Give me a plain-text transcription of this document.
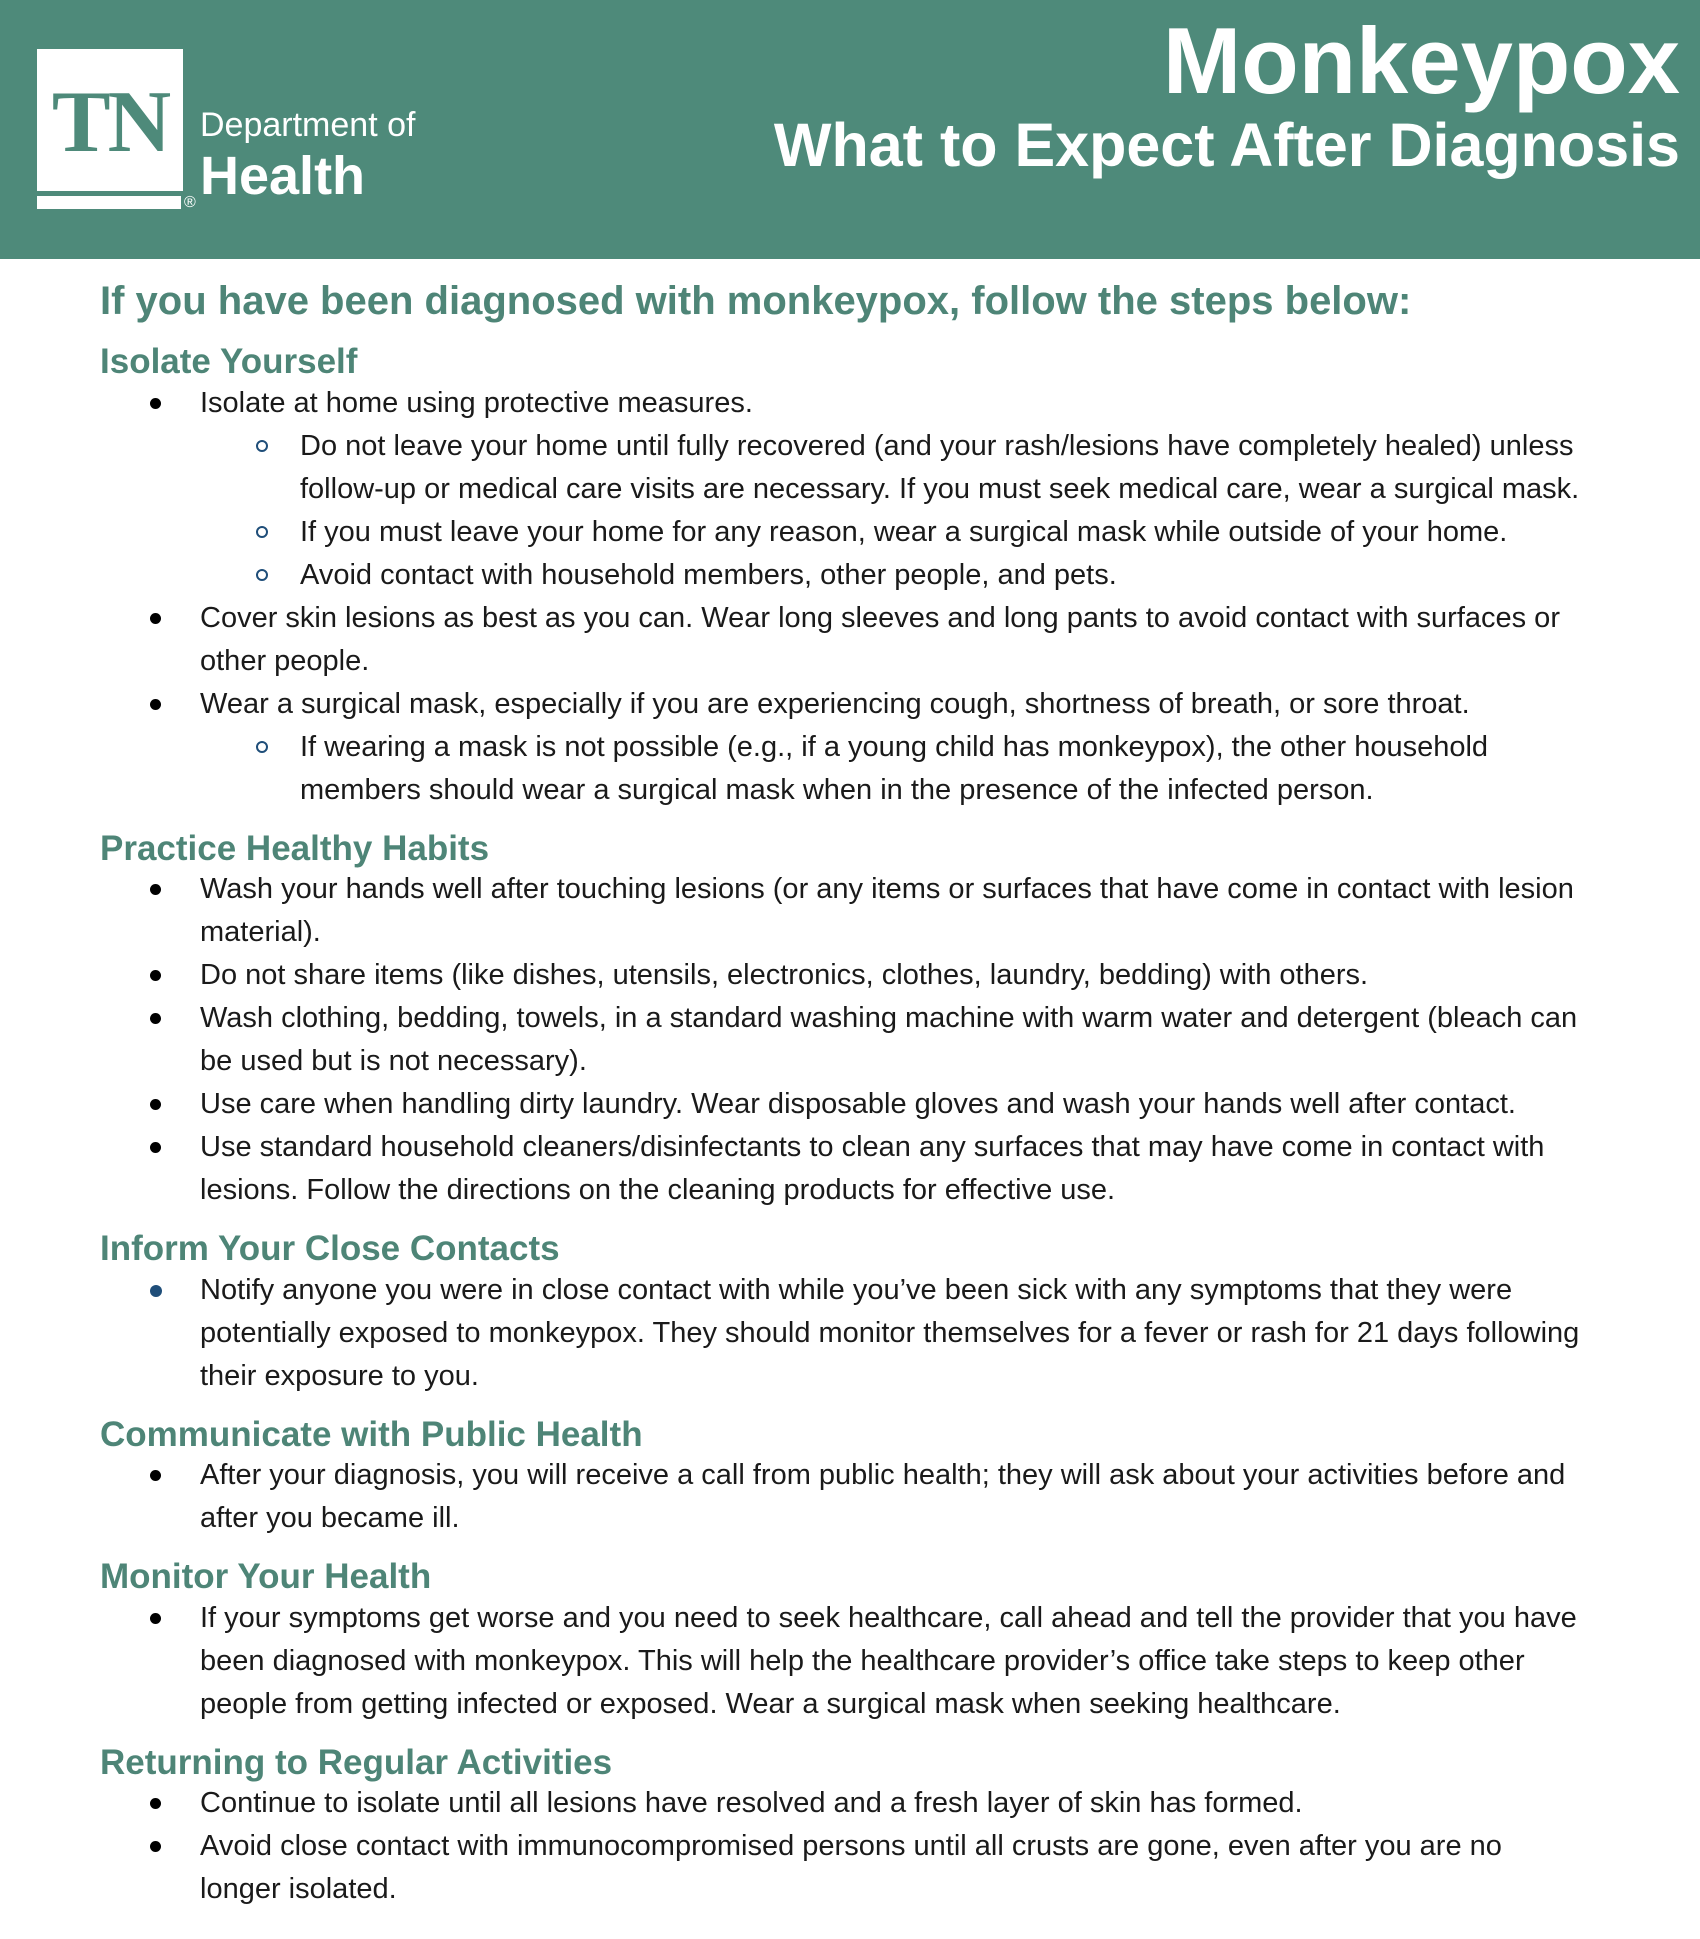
TN
®
Department of
Health
Monkeypox
What to Expect After Diagnosis
If you have been diagnosed with monkeypox, follow the steps below:
Isolate Yourself
Isolate at home using protective measures.
Do not leave your home until fully recovered (and your rash/lesions have completely healed) unless follow-up or medical care visits are necessary. If you must seek medical care, wear a surgical mask.
If you must leave your home for any reason, wear a surgical mask while outside of your home.
Avoid contact with household members, other people, and pets.
Cover skin lesions as best as you can. Wear long sleeves and long pants to avoid contact with surfaces or other people.
Wear a surgical mask, especially if you are experiencing cough, shortness of breath, or sore throat.
If wearing a mask is not possible (e.g., if a young child has monkeypox), the other household members should wear a surgical mask when in the presence of the infected person.
Practice Healthy Habits
Wash your hands well after touching lesions (or any items or surfaces that have come in contact with lesion material).
Do not share items (like dishes, utensils, electronics, clothes, laundry, bedding) with others.
Wash clothing, bedding, towels, in a standard washing machine with warm water and detergent (bleach can be used but is not necessary).
Use care when handling dirty laundry. Wear disposable gloves and wash your hands well after contact.
Use standard household cleaners/disinfectants to clean any surfaces that may have come in contact with lesions. Follow the directions on the cleaning products for effective use.
Inform Your Close Contacts
Notify anyone you were in close contact with while you’ve been sick with any symptoms that they were potentially exposed to monkeypox. They should monitor themselves for a fever or rash for 21 days following their exposure to you.
Communicate with Public Health
After your diagnosis, you will receive a call from public health; they will ask about your activities before and after you became ill.
Monitor Your Health
If your symptoms get worse and you need to seek healthcare, call ahead and tell the provider that you have been diagnosed with monkeypox. This will help the healthcare provider’s office take steps to keep other people from getting infected or exposed. Wear a surgical mask when seeking healthcare.
Returning to Regular Activities
Continue to isolate until all lesions have resolved and a fresh layer of skin has formed.
Avoid close contact with immunocompromised persons until all crusts are gone, even after you are no longer isolated.
